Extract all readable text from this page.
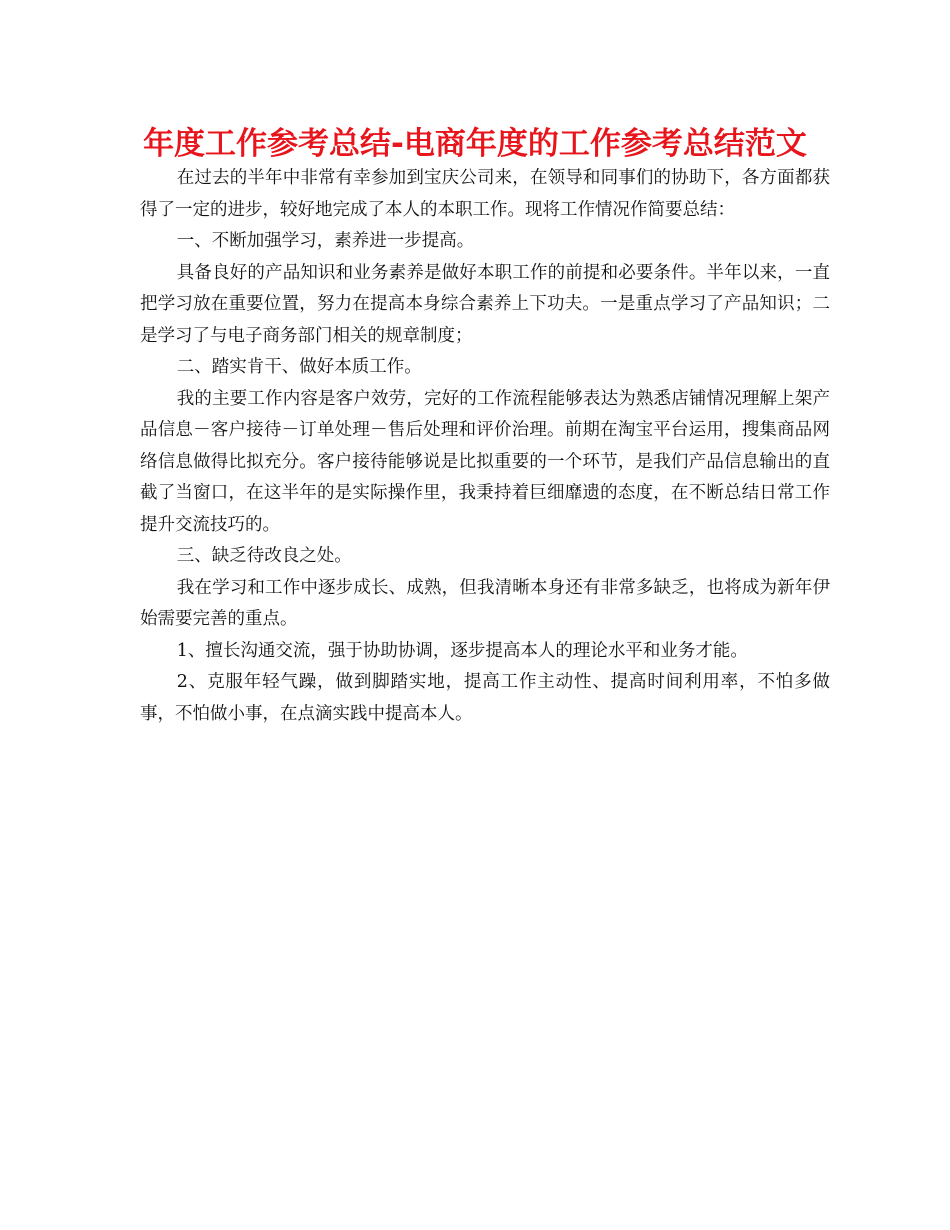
年度工作参考总结-电商年度的工作参考总结范文

在过去的半年中非常有幸参加到宝庆公司来，在领导和同事们的协助下，各方面都获得了一定的进步，较好地完成了本人的本职工作。现将工作情况作简要总结：

一、不断加强学习，素养进一步提高。

具备良好的产品知识和业务素养是做好本职工作的前提和必要条件。半年以来，一直把学习放在重要位置，努力在提高本身综合素养上下功夫。一是重点学习了产品知识；二是学习了与电子商务部门相关的规章制度；

二、踏实肯干、做好本质工作。

我的主要工作内容是客户效劳，完好的工作流程能够表达为熟悉店铺情况理解上架产品信息－客户接待－订单处理－售后处理和评价治理。前期在淘宝平台运用，搜集商品网络信息做得比拟充分。客户接待能够说是比拟重要的一个环节，是我们产品信息输出的直截了当窗口，在这半年的是实际操作里，我秉持着巨细靡遗的态度，在不断总结日常工作提升交流技巧的。

三、缺乏待改良之处。

我在学习和工作中逐步成长、成熟，但我清晰本身还有非常多缺乏，也将成为新年伊始需要完善的重点。

1、擅长沟通交流，强于协助协调，逐步提高本人的理论水平和业务才能。

2、克服年轻气躁，做到脚踏实地，提高工作主动性、提高时间利用率，不怕多做事，不怕做小事，在点滴实践中提高本人。
